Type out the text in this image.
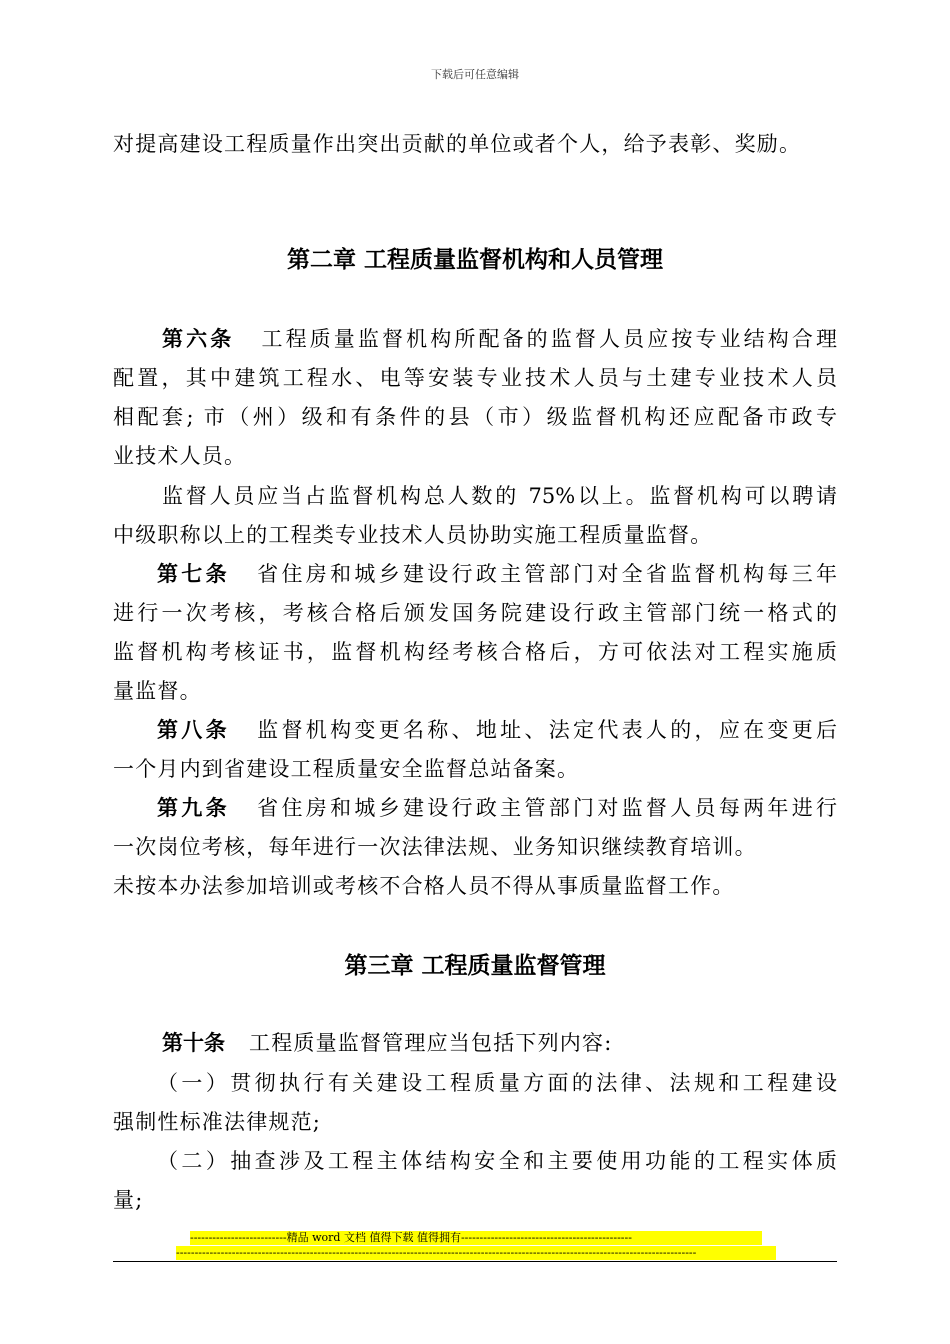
下载后可任意编辑
对提高建设工程质量作出突出贡献的单位或者个人，给予表彰、奖励。
第二章 工程质量监督机构和人员管理
第六条 工程质量监督机构所配备的监督人员应按专业结构合理
配置，其中建筑工程水、电等安装专业技术人员与土建专业技术人员
相配套; 市（州）级和有条件的县（市）级监督机构还应配备市政专
业技术人员。
监督人员应当占监督机构总人数的 75%以上。监督机构可以聘请
中级职称以上的工程类专业技术人员协助实施工程质量监督。
第七条 省住房和城乡建设行政主管部门对全省监督机构每三年
进行一次考核，考核合格后颁发国务院建设行政主管部门统一格式的
监督机构考核证书，监督机构经考核合格后，方可依法对工程实施质
量监督。
第八条 监督机构变更名称、地址、法定代表人的，应在变更后
一个月内到省建设工程质量安全监督总站备案。
第九条 省住房和城乡建设行政主管部门对监督人员每两年进行
一次岗位考核，每年进行一次法律法规、业务知识继续教育培训。
未按本办法参加培训或考核不合格人员不得从事质量监督工作。
第三章 工程质量监督管理
第十条 工程质量监督管理应当包括下列内容:
（一）贯彻执行有关建设工程质量方面的法律、法规和工程建设
强制性标准法律规范;
（二）抽查涉及工程主体结构安全和主要使用功能的工程实体质
量;
--------------------------精品 word 文档 值得下载 值得拥有----------------------------------------------
--------------------------------------------------------------------------------------------------------------------------------------------
